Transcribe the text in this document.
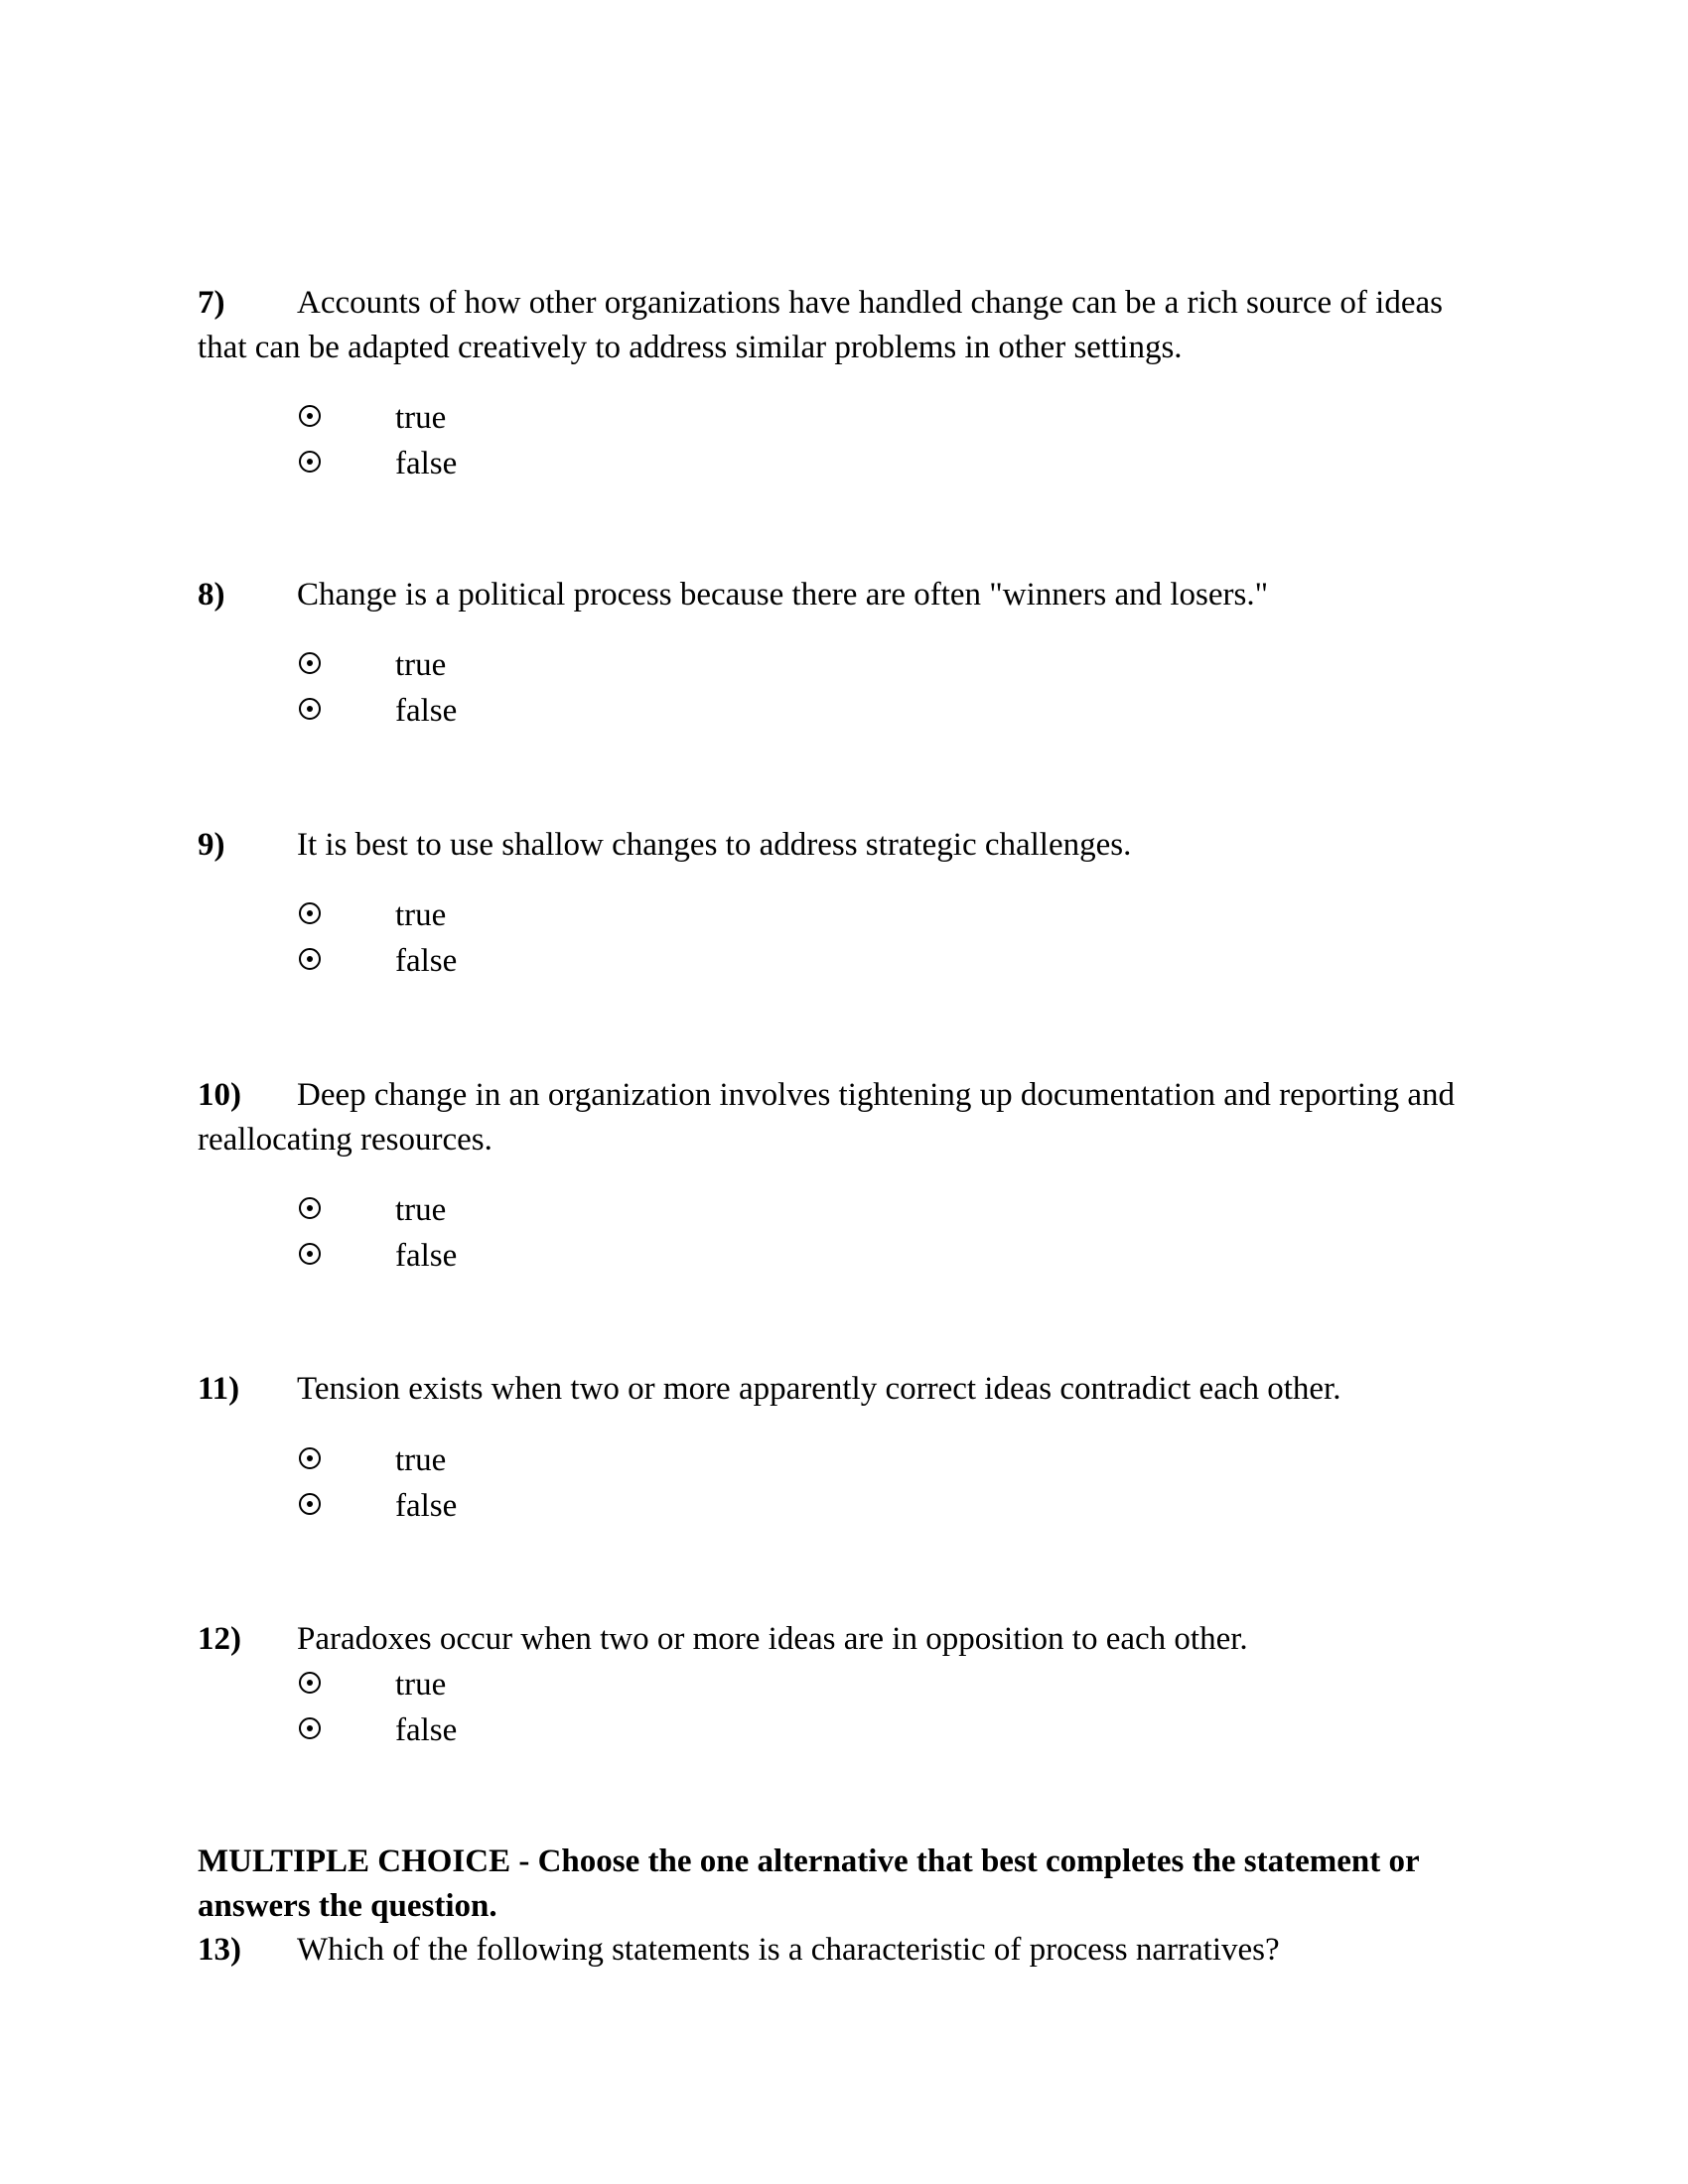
7) Accounts of how other organizations have handled change can be a rich source of ideas
that can be adapted creatively to address similar problems in other settings.
true
false
8) Change is a political process because there are often "winners and losers."
true
false
9) It is best to use shallow changes to address strategic challenges.
true
false
10) Deep change in an organization involves tightening up documentation and reporting and
reallocating resources.
true
false
11) Tension exists when two or more apparently correct ideas contradict each other.
true
false
12) Paradoxes occur when two or more ideas are in opposition to each other.
true
false
MULTIPLE CHOICE - Choose the one alternative that best completes the statement or
answers the question.
13) Which of the following statements is a characteristic of process narratives?
